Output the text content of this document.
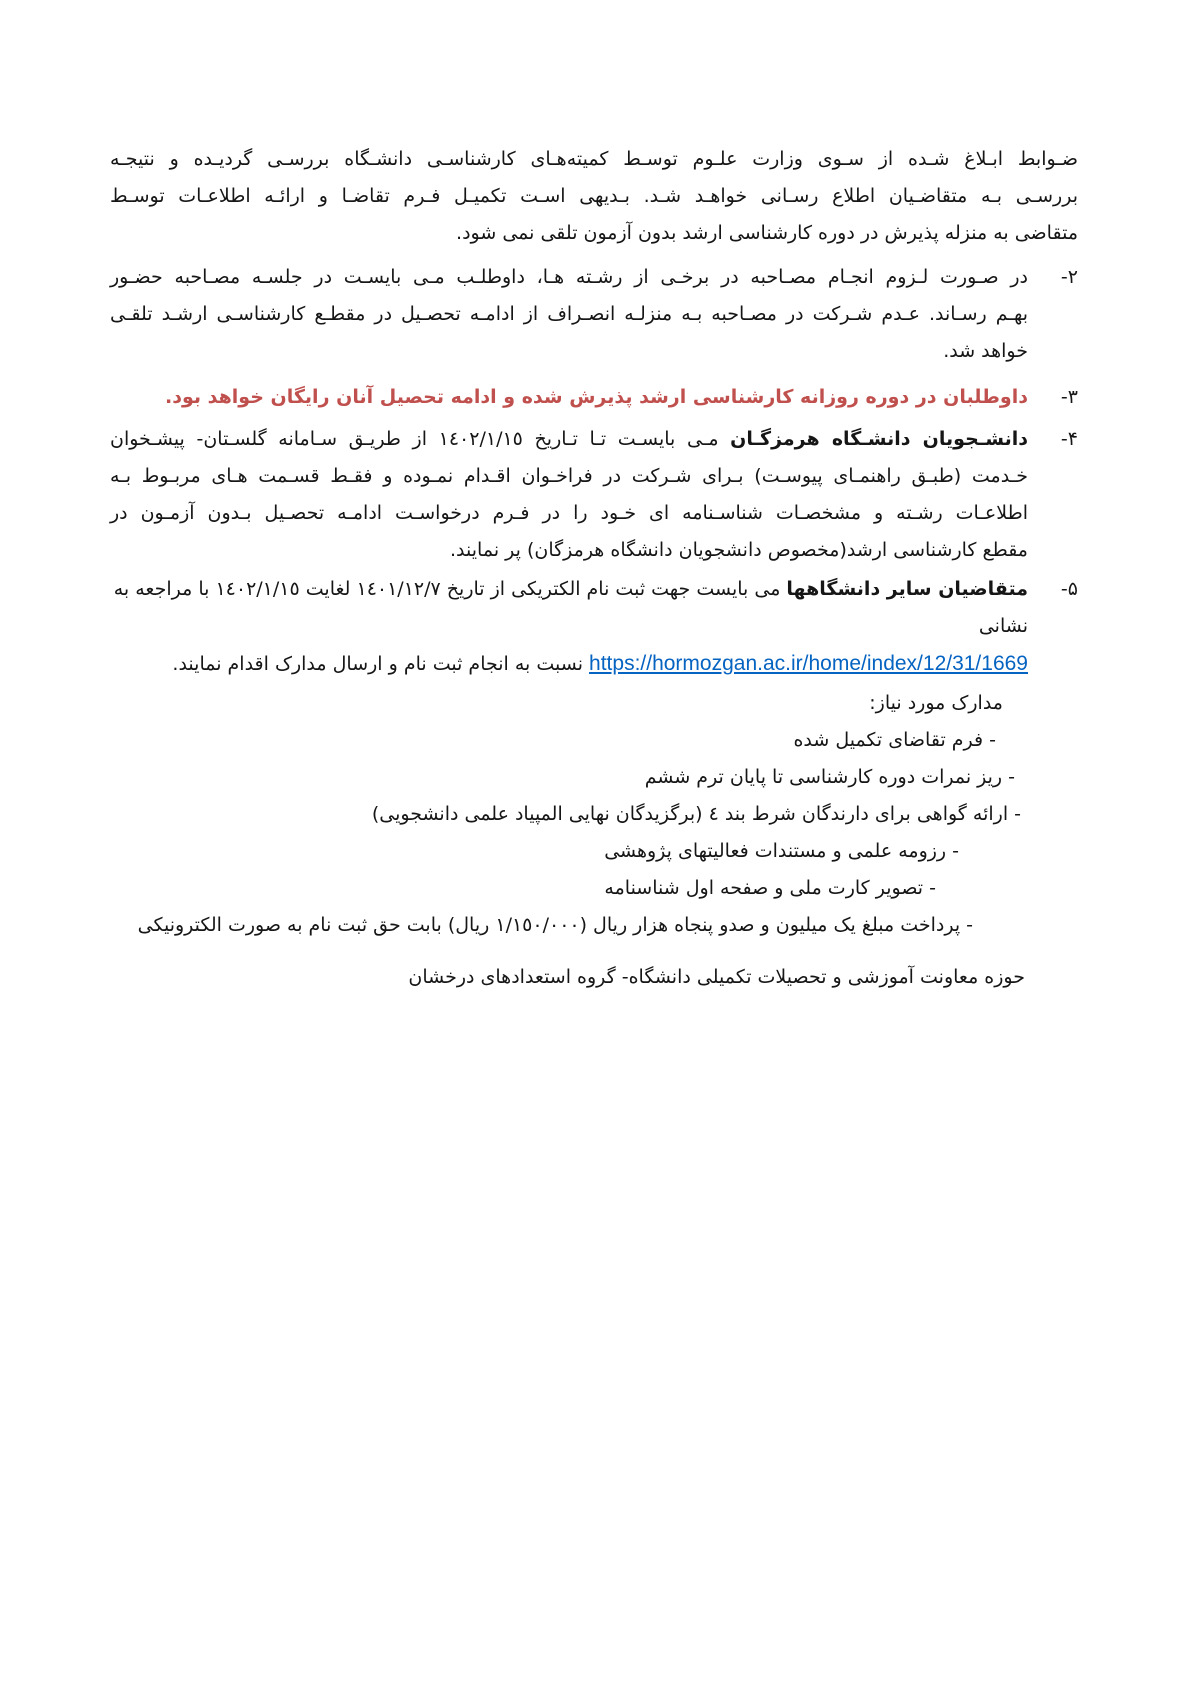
ضـوابط ابـلاغ شـده از سـوی وزارت علـوم توسـط کمیته‌هـای کارشناسـی دانشـگاه بررسـی گردیـده و نتیجـه
بررسـی بـه متقاضـیان اطلاع رسـانی خواهـد شـد. بـدیهی اسـت تکمیـل فـرم تقاضـا و ارائـه اطلاعـات توسـط
متقاضی به منزله پذیرش در دوره کارشناسی ارشد بدون آزمون تلقی نمی شود.
۲-
در صـورت لـزوم انجـام مصـاحبه در برخـی از رشـته هـا، داوطلـب مـی بایسـت در جلسـه مصـاحبه حضـور
بهـم رسـاند. عـدم شـرکت در مصـاحبه بـه منزلـه انصـراف از ادامـه تحصـیل در مقطـع کارشناسـی ارشـد تلقـی
خواهد شد.
۳-
داوطلبان در دوره روزانه کارشناسی ارشد پذیرش شده و ادامه تحصیل آنان رایگان خواهد بود.
۴-
دانشـجویان دانشـگاه هرمزگـان مـی بایسـت تـا تـاریخ ١٤٠٢/١/١٥ از طریـق سـامانه گلسـتان- پیشـخوان
خـدمت (طبـق راهنمـای پیوسـت) بـرای شـرکت در فراخـوان اقـدام نمـوده و فقـط قسـمت هـای مربـوط بـه
اطلاعـات رشـته و مشخصـات شناسـنامه ای خـود را در فـرم درخواسـت ادامـه تحصـیل بـدون آزمـون در
مقطع کارشناسی ارشد(مخصوص دانشجویان دانشگاه هرمزگان) پر نمایند.
۵-
متقاضیان سایر دانشگاهها می بایست جهت ثبت نام الکتریکی از تاریخ ١٤٠١/١٢/٧ لغایت ١٤٠٢/١/١٥ با مراجعه به نشانی
https://hormozgan.ac.ir/home/index/12/31/1669 نسبت به انجام ثبت نام و ارسال مدارک اقدام نمایند.
مدارک مورد نیاز:
- فرم تقاضای تکمیل شده
- ریز نمرات دوره کارشناسی تا پایان ترم ششم
- ارائه گواهی برای دارندگان شرط بند ٤ (برگزیدگان نهایی المپیاد علمی دانشجویی)
- رزومه علمی و مستندات فعالیتهای پژوهشی
- تصویر کارت ملی و صفحه اول شناسنامه
- پرداخت مبلغ یک میلیون و صدو پنجاه هزار ریال (١/١٥٠/٠٠٠ ریال) بابت حق ثبت نام به صورت الکترونیکی
حوزه معاونت آموزشی و تحصیلات تکمیلی دانشگاه- گروه استعدادهای درخشان
